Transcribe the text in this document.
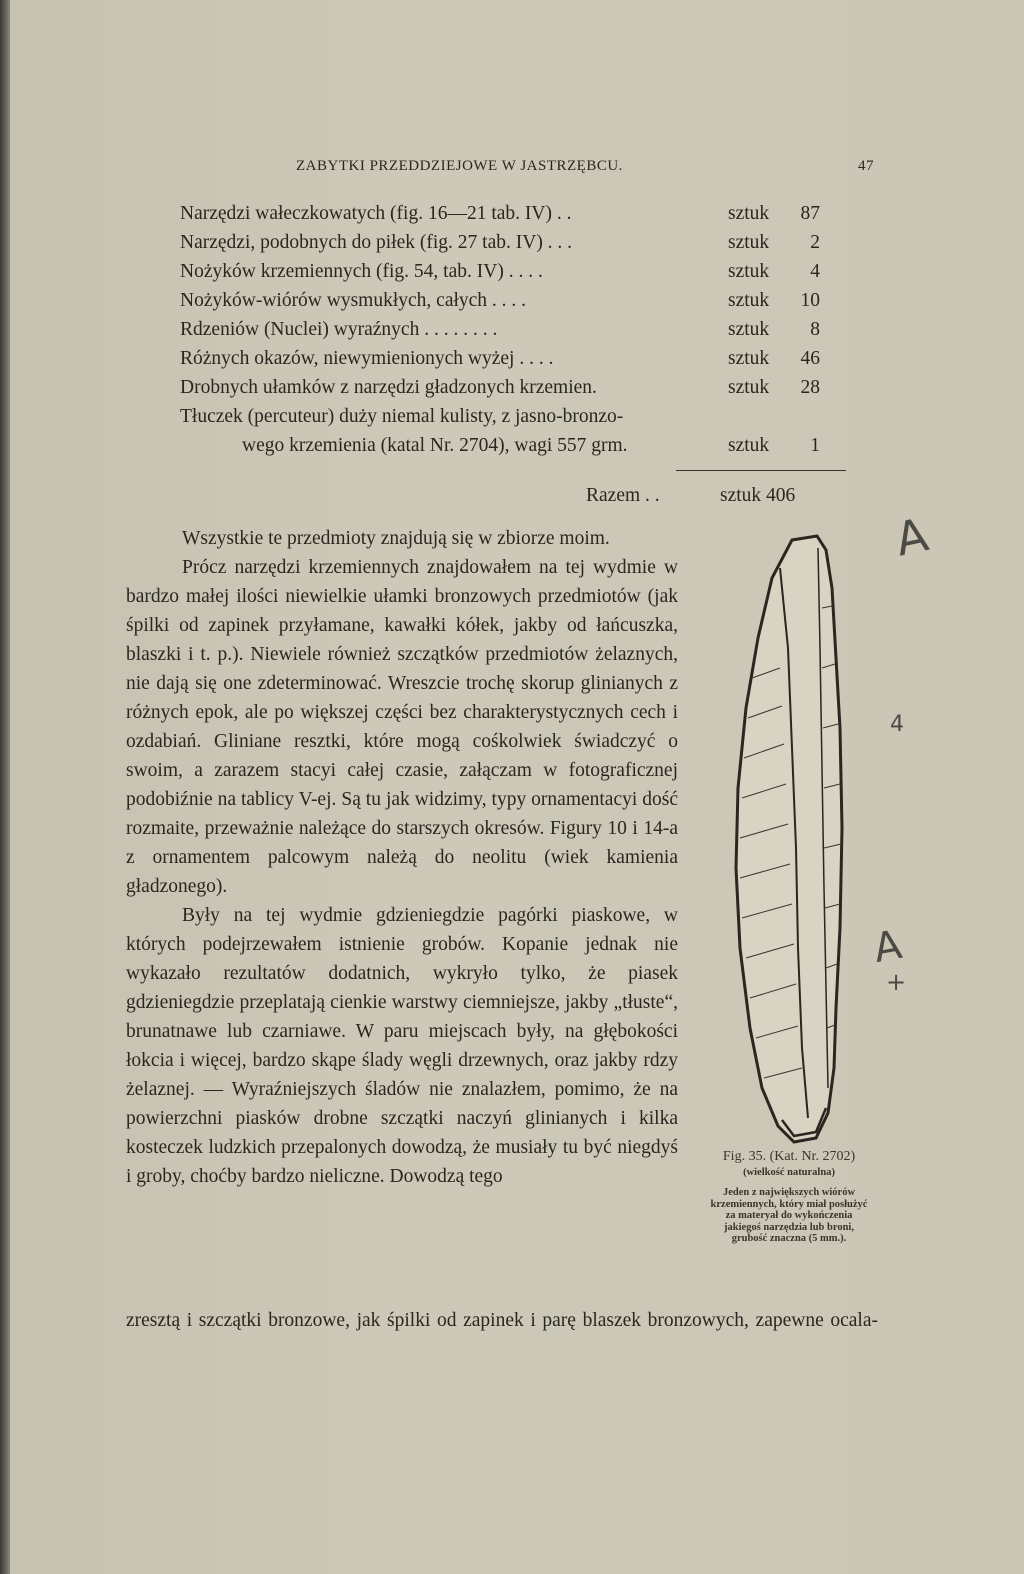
ZABYTKI PRZEDDZIEJOWE W JASTRZĘBCU.	47
Narzędzi wałeczkowatych (fig. 16—21 tab. IV) . .	sztuk 87
Narzędzi, podobnych do piłek (fig. 27 tab. IV) . . .	sztuk 2
Nożyków krzemiennych (fig. 54, tab. IV) . . . .	sztuk 4
Nożyków-wiórów wysmukłych, całych . . . .	sztuk 10
Rdzeniów (Nuclei) wyraźnych . . . . . . . .	sztuk 8
Różnych okazów, niewymienionych wyżej . . . .	sztuk 46
Drobnych ułamków z narzędzi gładzonych krzemien.	sztuk 28
Tłuczek (percuteur) duży niemal kulisty, z jasno-bronzo-
wego krzemienia (katal Nr. 2704), wagi 557 grm.	sztuk 1
Razem . .	sztuk 406

Wszystkie te przedmioty znajdują się w zbiorze moim.

Prócz narzędzi krzemiennych znajdowałem na tej wydmie w bardzo małej ilości niewielkie ułamki bronzowych przedmiotów (jak śpilki od zapinek przyłamane, kawałki kółek, jakby od łańcuszka, blaszki i t. p.). Niewiele również szczątków przedmiotów żelaznych, nie dają się one zdeterminować. Wreszcie trochę skorup glinianych z różnych epok, ale po większej części bez charakterystycznych cech i ozdabiań. Gliniane resztki, które mogą cośkolwiek świadczyć o swoim, a zarazem stacyi całej czasie, załączam w fotograficznej podobiźnie na tablicy V-ej. Są tu jak widzimy, typy ornamentacyi dość rozmaite, przeważnie należące do starszych okresów. Figury 10 i 14-a z ornamentem palcowym należą do neolitu (wiek kamienia gładzonego).

Były na tej wydmie gdzieniegdzie pagórki piaskowe, w których podejrzewałem istnienie grobów. Kopanie jednak nie wykazało rezultatów dodatnich, wykryło tylko, że piasek gdzieniegdzie przeplatają cienkie warstwy ciemniejsze, jakby „tłuste“, brunatnawe lub czarniawe. W paru miejscach były, na głębokości łokcia i więcej, bardzo skąpe ślady węgli drzewnych, oraz jakby rdzy żelaznej. — Wyraźniejszych śladów nie znalazłem, pomimo, że na powierzchni piasków drobne szczątki naczyń glinianych i kilka kosteczek ludzkich przepalonych dowodzą, że musiały tu być niegdyś i groby, choćby bardzo nieliczne. Dowodzą tego

zresztą i szczątki bronzowe, jak śpilki od zapinek i parę blaszek bronzowych, zapewne ocala-
Fig. 35. (Kat. Nr. 2702)
(wielkość naturalna)
Jeden z największych wiórów krzemiennych, który miał posłużyć za materyał do wykończenia jakiegoś narzędzia lub broni, grubość znaczna (5 mm.).
A
4
A
+
